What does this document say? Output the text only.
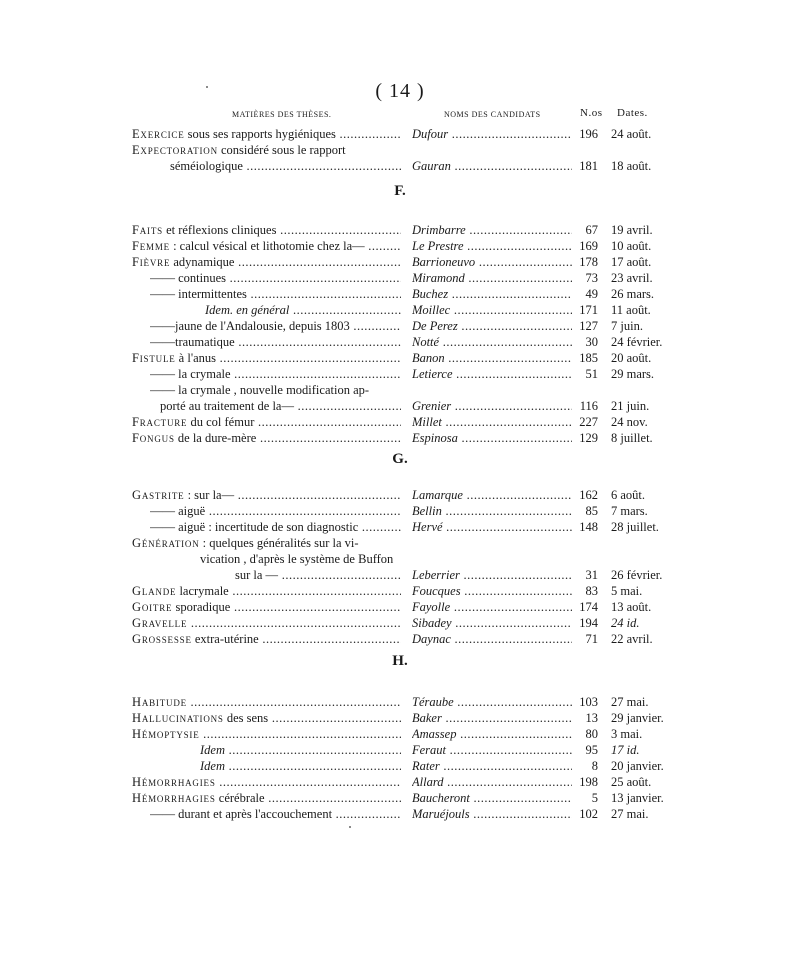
( 14 )
MATIÈRES DES THÈSES.	NOMS DES CANDIDATS	N.os Dates.
F.
G.
H.
Exercice sous ses rapports hygiéniques .....	Dufour .....	196 24 août.
Expectoration considéré sous le rapport
séméiologique .....	Gauran .....	181 18 août.
Faits et réflexions cliniques .....	Drimbarre .....	67 19 avril.
Femme : calcul vésical et lithotomie chez la— .....	Le Prestre .....	169 10 août.
Fièvre adynamique .....	Barrioneuvo .....	178 17 août.
—— continues .....	Miramond .....	73 23 avril.
—— intermittentes .....	Buchez .....	49 26 mars.
Idem. en général .....	Moillec .....	171 11 août.
——jaune de l'Andalousie, depuis 1803 .....	De Perez .....	127 7 juin.
——traumatique .....	Notté .....	30 24 février.
Fistule à l'anus .....	Banon .....	185 20 août.
—— la crymale .....	Letierce .....	51 29 mars.
—— la crymale , nouvelle modification ap-
porté au traitement de la— .....	Grenier .....	116 21 juin.
Fracture du col fémur .....	Millet .....	227 24 nov.
Fongus de la dure-mère .....	Espinosa .....	129 8 juillet.
Gastrite : sur la— .....	Lamarque .....	162 6 août.
—— aiguë .....	Bellin .....	85 7 mars.
—— aiguë : incertitude de son diagnostic .....	Hervé .....	148 28 juillet.
Génération : quelques généralités sur la vi-
vication , d'après le système de Buffon
sur la — .....	Leberrier .....	31 26 février.
Glande lacrymale .....	Foucques .....	83 5 mai.
Goitre sporadique .....	Fayolle .....	174 13 août.
Gravelle .....	Sibadey .....	194 24 id.
Grossesse extra-utérine .....	Daynac .....	71 22 avril.
Habitude .....	Téraube .....	103 27 mai.
Hallucinations des sens .....	Baker .....	13 29 janvier.
Hémoptysie .....	Amassep .....	80 3 mai.
Idem .....	Feraut .....	95 17 id.
Idem .....	Rater .....	8 20 janvier.
Hémorrhagies .....	Allard .....	198 25 août.
Hémorrhagies cérébrale .....	Baucheront .....	5 13 janvier.
—— durant et après l'accouchement .....	Maruéjouls .....	102 27 mai.
